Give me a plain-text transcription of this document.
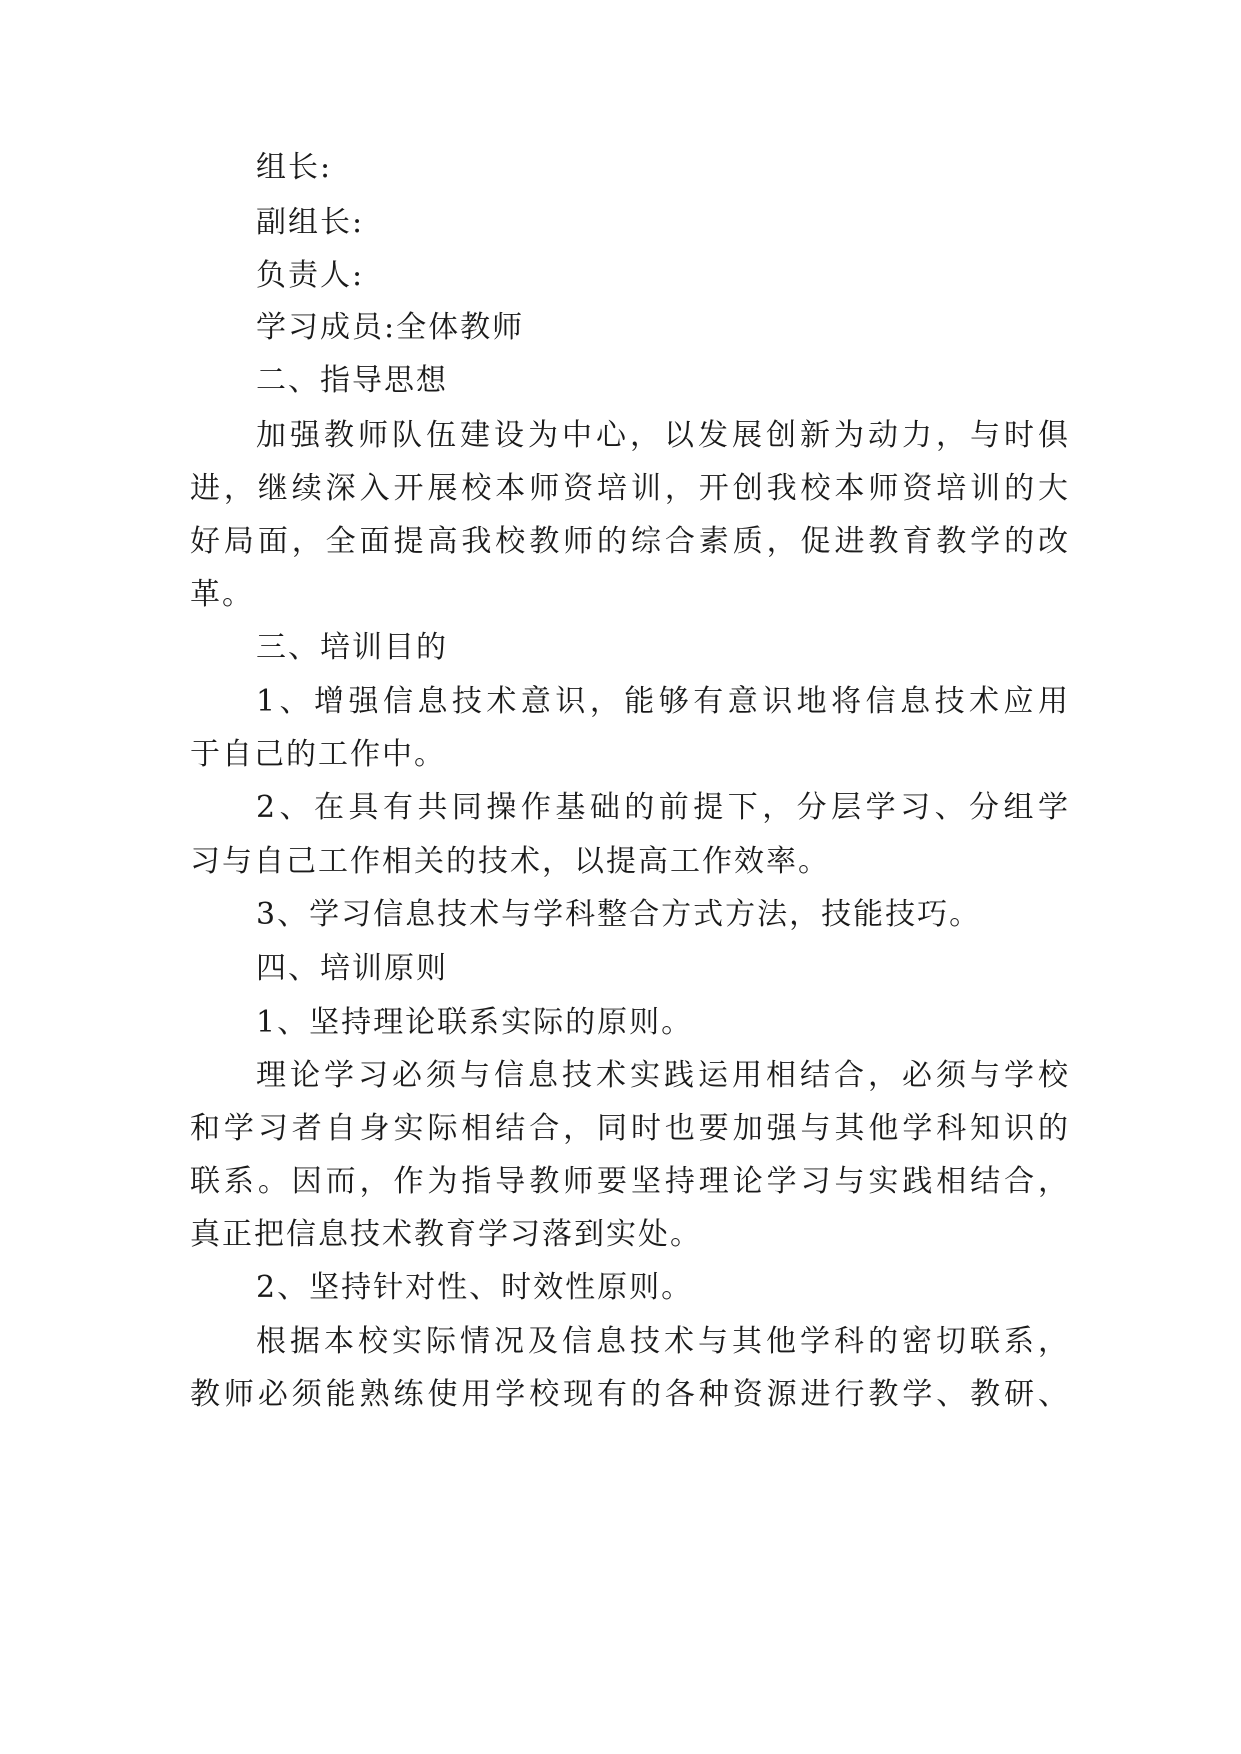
组长:
副组长:
负责人:
学习成员:全体教师
二、指导思想
加强教师队伍建设为中心，以发展创新为动力，与时俱
进，继续深入开展校本师资培训，开创我校本师资培训的大
好局面，全面提高我校教师的综合素质，促进教育教学的改
革。
三、培训目的
1、增强信息技术意识，能够有意识地将信息技术应用
于自己的工作中。
2、在具有共同操作基础的前提下，分层学习、分组学
习与自己工作相关的技术，以提高工作效率。
3、学习信息技术与学科整合方式方法，技能技巧。
四、培训原则
1、坚持理论联系实际的原则。
理论学习必须与信息技术实践运用相结合，必须与学校
和学习者自身实际相结合，同时也要加强与其他学科知识的
联系。因而，作为指导教师要坚持理论学习与实践相结合，
真正把信息技术教育学习落到实处。
2、坚持针对性、时效性原则。
根据本校实际情况及信息技术与其他学科的密切联系，
教师必须能熟练使用学校现有的各种资源进行教学、教研、
